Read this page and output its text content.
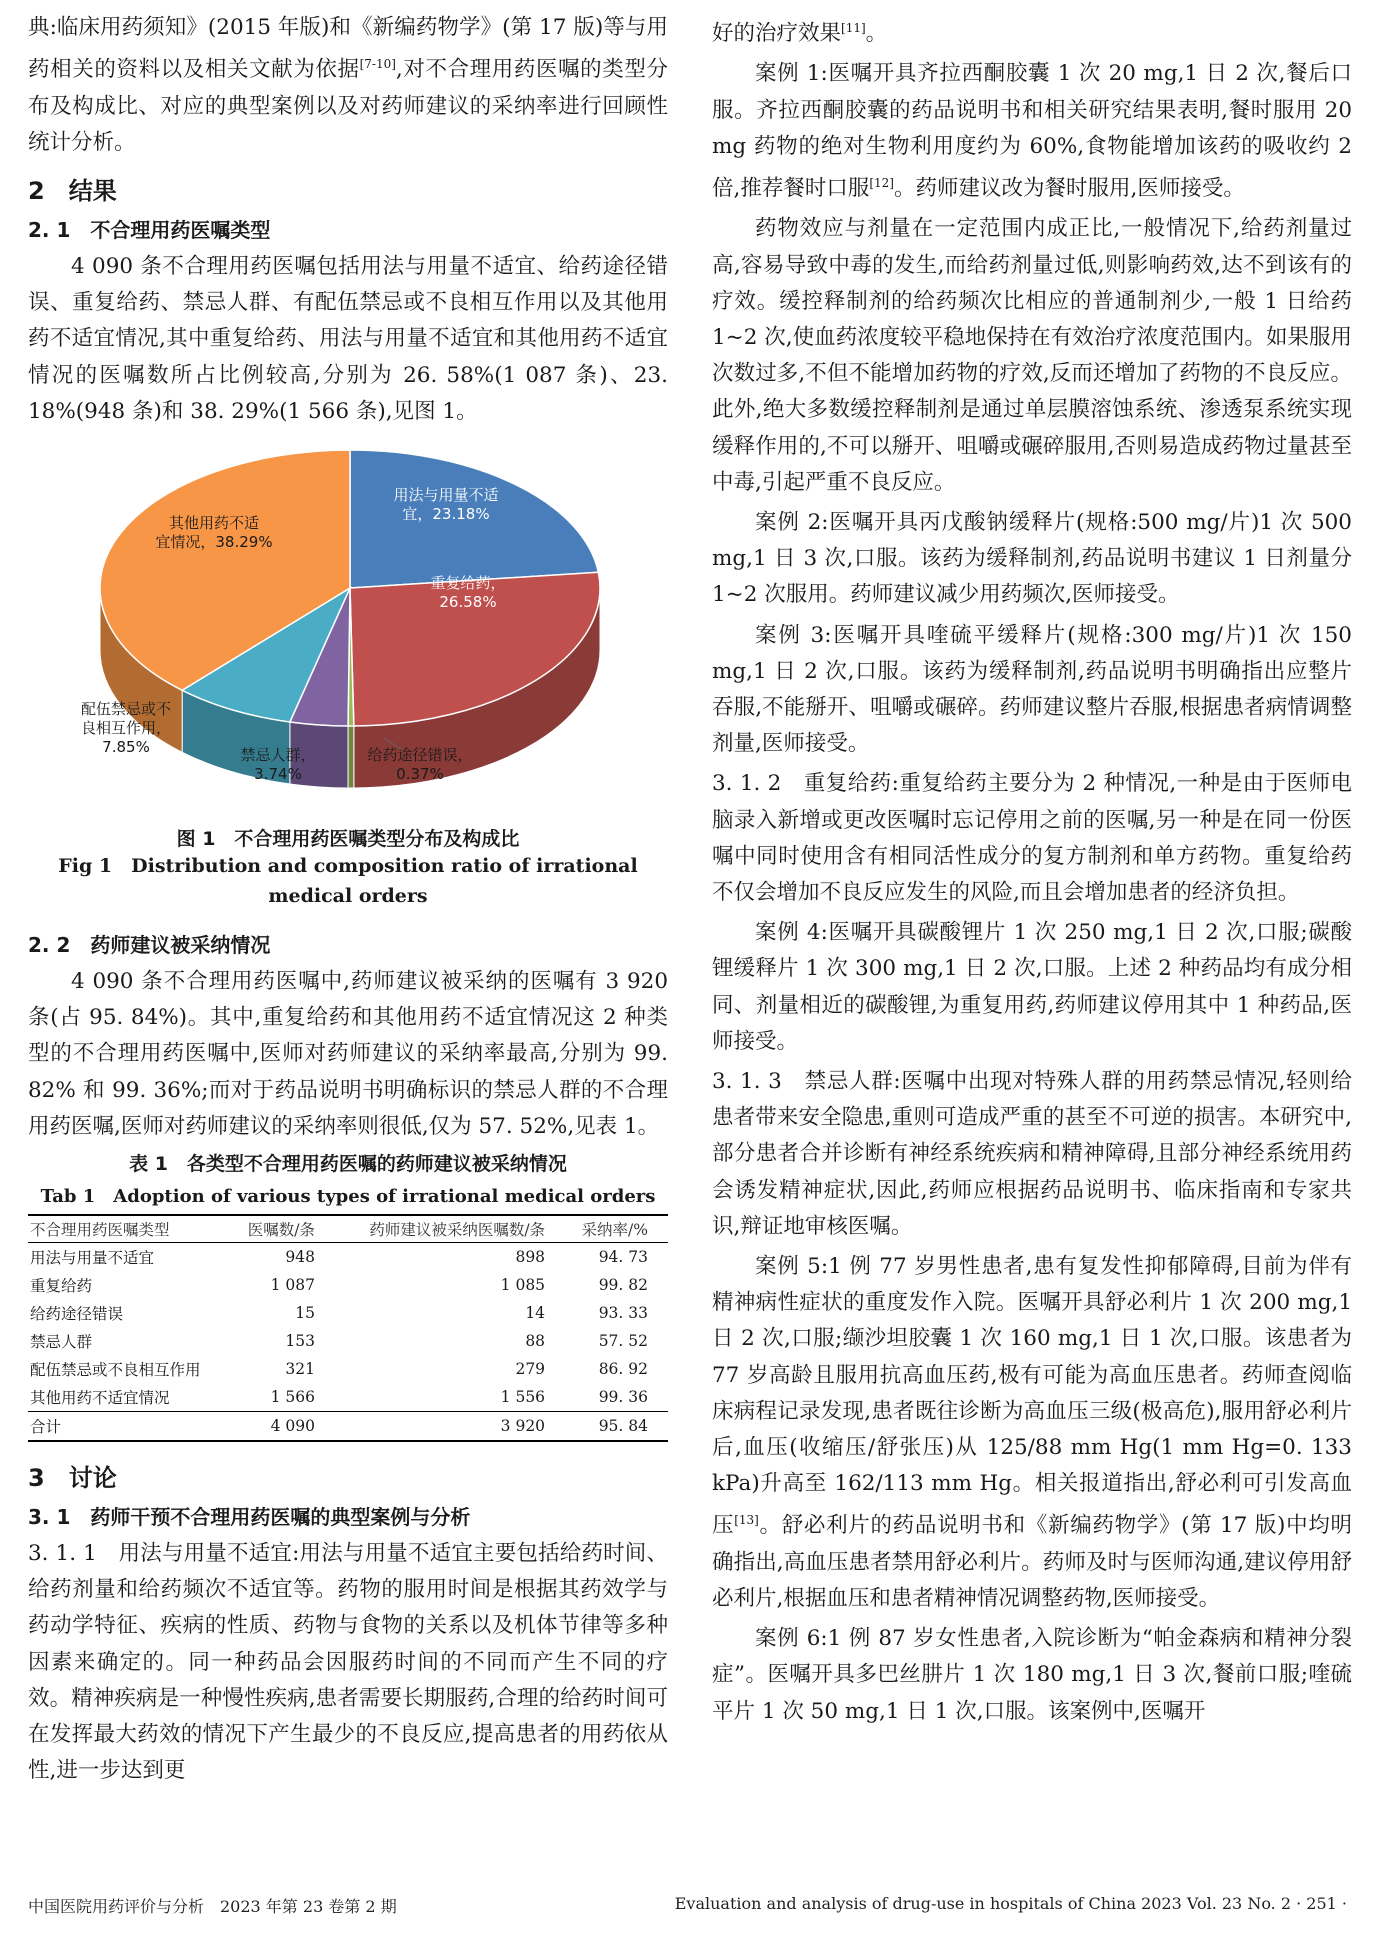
典:临床用药须知》(2015 年版)和《新编药物学》(第 17 版)等与用药相关的资料以及相关文献为依据[7-10],对不合理用药医嘱的类型分布及构成比、对应的典型案例以及对药师建议的采纳率进行回顾性统计分析。

2　结果
2. 1　不合理用药医嘱类型

4 090 条不合理用药医嘱包括用法与用量不适宜、给药途径错误、重复给药、禁忌人群、有配伍禁忌或不良相互作用以及其他用药不适宜情况,其中重复给药、用法与用量不适宜和其他用药不适宜情况的医嘱数所占比例较高,分别为 26. 58%(1 087 条)、23. 18%(948 条)和 38. 29%(1 566 条),见图 1。

用法与用量不适宜，23.18%
重复给药， 26.58%
给药途径错误， 0.37%
禁忌人群， 3.74%
配伍禁忌或不良相互作用， 7.85%
其他用药不适宜情况，38.29%
图 1　不合理用药医嘱类型分布及构成比
Fig 1　Distribution and composition ratio of irrational medical orders
2. 2　药师建议被采纳情况

4 090 条不合理用药医嘱中,药师建议被采纳的医嘱有 3 920 条(占 95. 84%)。其中,重复给药和其他用药不适宜情况这 2 种类型的不合理用药医嘱中,医师对药师建议的采纳率最高,分别为 99. 82% 和 99. 36%;而对于药品说明书明确标识的禁忌人群的不合理用药医嘱,医师对药师建议的采纳率则很低,仅为 57. 52%,见表 1。

表 1　各类型不合理用药医嘱的药师建议被采纳情况
Tab 1　Adoption of various types of irrational medical orders
不合理用药医嘱类型	医嘱数/条	药师建议被采纳医嘱数/条	采纳率/%
用法与用量不适宜	948	898	94. 73
重复给药	1 087	1 085	99. 82
给药途径错误	15	14	93. 33
禁忌人群	153	88	57. 52
配伍禁忌或不良相互作用	321	279	86. 92
其他用药不适宜情况	1 566	1 556	99. 36
合计	4 090	3 920	95. 84
3　讨论
3. 1　药师干预不合理用药医嘱的典型案例与分析

3. 1. 1　用法与用量不适宜:用法与用量不适宜主要包括给药时间、给药剂量和给药频次不适宜等。药物的服用时间是根据其药效学与药动学特征、疾病的性质、药物与食物的关系以及机体节律等多种因素来确定的。同一种药品会因服药时间的不同而产生不同的疗效。精神疾病是一种慢性疾病,患者需要长期服药,合理的给药时间可在发挥最大药效的情况下产生最少的不良反应,提高患者的用药依从性,进一步达到更

好的治疗效果[11]。

案例 1:医嘱开具齐拉西酮胶囊 1 次 20 mg,1 日 2 次,餐后口服。齐拉西酮胶囊的药品说明书和相关研究结果表明,餐时服用 20 mg 药物的绝对生物利用度约为 60%,食物能增加该药的吸收约 2 倍,推荐餐时口服[12]。药师建议改为餐时服用,医师接受。

药物效应与剂量在一定范围内成正比,一般情况下,给药剂量过高,容易导致中毒的发生,而给药剂量过低,则影响药效,达不到该有的疗效。缓控释制剂的给药频次比相应的普通制剂少,一般 1 日给药 1~2 次,使血药浓度较平稳地保持在有效治疗浓度范围内。如果服用次数过多,不但不能增加药物的疗效,反而还增加了药物的不良反应。此外,绝大多数缓控释制剂是通过单层膜溶蚀系统、渗透泵系统实现缓释作用的,不可以掰开、咀嚼或碾碎服用,否则易造成药物过量甚至中毒,引起严重不良反应。

案例 2:医嘱开具丙戊酸钠缓释片(规格:500 mg/片)1 次 500 mg,1 日 3 次,口服。该药为缓释制剂,药品说明书建议 1 日剂量分 1~2 次服用。药师建议减少用药频次,医师接受。

案例 3:医嘱开具喹硫平缓释片(规格:300 mg/片)1 次 150 mg,1 日 2 次,口服。该药为缓释制剂,药品说明书明确指出应整片吞服,不能掰开、咀嚼或碾碎。药师建议整片吞服,根据患者病情调整剂量,医师接受。

3. 1. 2　重复给药:重复给药主要分为 2 种情况,一种是由于医师电脑录入新增或更改医嘱时忘记停用之前的医嘱,另一种是在同一份医嘱中同时使用含有相同活性成分的复方制剂和单方药物。重复给药不仅会增加不良反应发生的风险,而且会增加患者的经济负担。

案例 4:医嘱开具碳酸锂片 1 次 250 mg,1 日 2 次,口服;碳酸锂缓释片 1 次 300 mg,1 日 2 次,口服。上述 2 种药品均有成分相同、剂量相近的碳酸锂,为重复用药,药师建议停用其中 1 种药品,医师接受。

3. 1. 3　禁忌人群:医嘱中出现对特殊人群的用药禁忌情况,轻则给患者带来安全隐患,重则可造成严重的甚至不可逆的损害。本研究中,部分患者合并诊断有神经系统疾病和精神障碍,且部分神经系统用药会诱发精神症状,因此,药师应根据药品说明书、临床指南和专家共识,辩证地审核医嘱。

案例 5:1 例 77 岁男性患者,患有复发性抑郁障碍,目前为伴有精神病性症状的重度发作入院。医嘱开具舒必利片 1 次 200 mg,1 日 2 次,口服;缬沙坦胶囊 1 次 160 mg,1 日 1 次,口服。该患者为 77 岁高龄且服用抗高血压药,极有可能为高血压患者。药师查阅临床病程记录发现,患者既往诊断为高血压三级(极高危),服用舒必利片后,血压(收缩压/舒张压)从 125/88 mm Hg(1 mm Hg=0. 133 kPa)升高至 162/113 mm Hg。相关报道指出,舒必利可引发高血压[13]。舒必利片的药品说明书和《新编药物学》(第 17 版)中均明确指出,高血压患者禁用舒必利片。药师及时与医师沟通,建议停用舒必利片,根据血压和患者精神情况调整药物,医师接受。

案例 6:1 例 87 岁女性患者,入院诊断为“帕金森病和精神分裂症”。医嘱开具多巴丝肼片 1 次 180 mg,1 日 3 次,餐前口服;喹硫平片 1 次 50 mg,1 日 1 次,口服。该案例中,医嘱开

中国医院用药评价与分析　2023 年第 23 卷第 2 期	Evaluation and analysis of drug-use in hospitals of China 2023 Vol. 23 No. 2 · 251 ·
